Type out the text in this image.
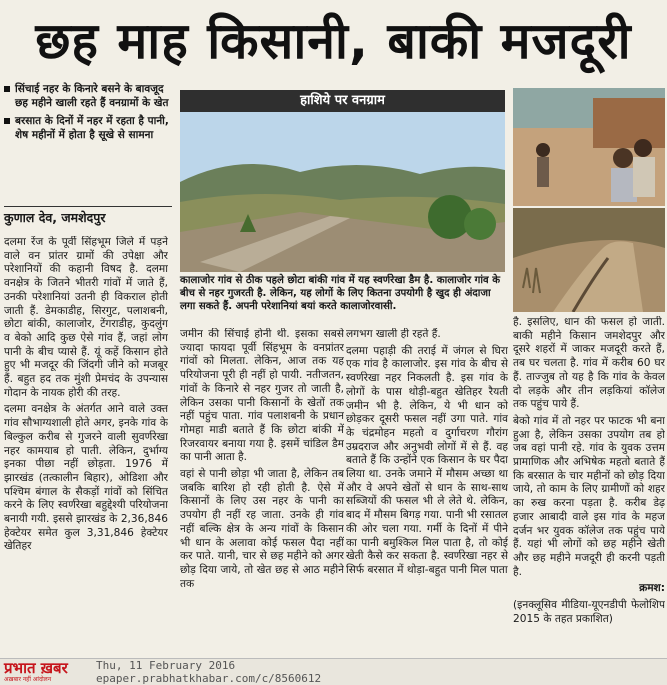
छह माह किसानी, बाकी मजदूरी
सिंचाई नहर के किनारे बसने के बावजूद छह महीने खाली रहते हैं वनग्रामों के खेत
बरसात के दिनों में नहर में रहता है पानी, शेष महीनों में होता है सूखे से सामना
कुणाल देव, जमशेदपुर

दलमा रेंज के पूर्वी सिंहभूम जिले में पड़ने वाले वन प्रांतर ग्रामों की उपेक्षा और परेशानियों की कहानी विषद है. दलमा वनक्षेत्र के जितने भीतरी गांवों में जाते हैं, उनकी परेशानियां उतनी ही विकराल होती जाती हैं. डेमकाडीह, सिरगुट, पलाशबनी, छोटा बांकी, कालाजोर, टेंगराडीह, कुदलुंग व बेको आदि कुछ ऐसे गांव हैं, जहां लोग पानी के बीच प्यासे हैं. यूं कहें किसान होते हुए भी मजदूर की जिंदगी जीने को मजबूर हैं. बहुत हद तक मुंशी प्रेमचंद के उपन्यास गोदान के नायक होरी की तरह.

दलमा वनक्षेत्र के अंतर्गत आने वाले उक्त गांव सौभाग्यशाली होते अगर, इनके गांव के बिल्कुल करीब से गुजरने वाली सुवर्णरेखा नहर कामयाब हो पाती. लेकिन, दुर्भाग्य इनका पीछा नहीं छोड़ता. 1976 में झारखंड (तत्कालीन बिहार), ओडिशा और पश्चिम बंगाल के सैकड़ों गांवों को सिंचित करने के लिए स्वर्णरेखा बहुद्देश्यी परियोजना बनायी गयी. इससे झारखंड के 2,36,846 हेक्टेयर समेत कुल 3,31,846 हेक्टेयर खेतिहर

हाशिये पर वनग्राम
कालाजोर गांव से ठीक पहले छोटा बांकी गांव में यह स्वर्णरेखा डैम है. कालाजोर गांव के बीच से नहर गुजरती है. लेकिन, यह लोगों के लिए कितना उपयोगी है खुद ही अंदाजा लगा सकते हैं. अपनी परेशानियां बयां करते कालाजोरवासी.

जमीन की सिंचाई होनी थी. इसका सबसे ज्यादा फायदा पूर्वी सिंहभूम के वनप्रांतर गांवों को मिलता. लेकिन, आज तक यह परियोजना पूरी ही नहीं हो पायी. नतीजतन, गांवों के किनारे से नहर गुजर तो जाती है, लेकिन उसका पानी किसानों के खेतों तक नहीं पहुंच पाता. गांव पलाशबनी के प्रधान गोमहा माडी बताते हैं कि छोटा बांकी में रिजरवायर बनाया गया है. इसमें चांडिल डैम का पानी आता है.

वहां से पानी छोड़ा भी जाता है, लेकिन तब जबकि बारिश हो रही होती है. ऐसे में किसानों के लिए उस नहर के पानी का उपयोग ही नहीं रह जाता. उनके ही गांव नहीं बल्कि क्षेत्र के अन्य गांवों के किसान भी धान के अलावा कोई फसल पैदा नहीं कर पाते. यानी, चार से छह महीने को अगर छोड़ दिया जाये, तो खेत छह से आठ महीने तक

लगभग खाली ही रहते हैं.

दलमा पहाड़ी की तराई में जंगल से घिरा एक गांव है कालाजोर. इस गांव के बीच से स्वर्णरेखा नहर निकलती है. इस गांव के लोगों के पास थोड़ी-बहुत खेतिहर रैयती जमीन भी है. लेकिन, ये भी धान को छोड़कर दूसरी फसल नहीं उगा पाते. गांव के चंद्रमोहन महतो व दुर्गाचरण गौरांग उम्रदराज और अनुभवी लोगों में से हैं. वह बताते हैं कि उन्होंने एक किसान के घर पैदा लिया था. उनके जमाने में मौसम अच्छा था और वे अपने खेतों से धान के साथ-साथ सब्जियों की फसल भी ले लेते थे. लेकिन, बाद में मौसम बिगड़ गया. पानी भी रसातल की ओर चला गया. गर्मी के दिनों में पीने का पानी बमुश्किल मिल पाता है, तो कोई खेती कैसे कर सकता है. स्वर्णरेखा नहर से सिर्फ बरसात में थोड़ा-बहुत पानी मिल पाता

है. इसलिए, धान की फसल हो जाती. बाकी महीने किसान जमशेदपुर और दूसरे शहरों में जाकर मजदूरी करते हैं, तब घर चलता है. गांव में करीब 60 घर हैं. ताज्जुब तो यह है कि गांव के केवल दो लड़के और तीन लड़कियां कॉलेज तक पहुंच पाये हैं.

बेको गांव में तो नहर पर फाटक भी बना हुआ है, लेकिन उसका उपयोग तब हो जब वहां पानी रहे. गांव के युवक उत्तम प्रामाणिक और अभिषेक महतो बताते हैं कि बरसात के चार महीनों को छोड़ दिया जाये, तो काम के लिए ग्रामीणों को शहर का रुख करना पड़ता है. करीब डेढ़ हजार आबादी वाले इस गांव के महज दर्जन भर युवक कॉलेज तक पहुंच पाये हैं. यहां भी लोगों को छह महीने खेती और छह महीने मजदूरी ही करनी पड़ती है.

क्रमश:

(इनक्लूसिव मीडिया-यूएनडीपी फेलोशिप 2015 के तहत प्रकाशित)

प्रभात ख़बर
अख़बार नहीं आंदोलन
Thu, 11 February 2016
epaper.prabhatkhabar.com/c/8560612
